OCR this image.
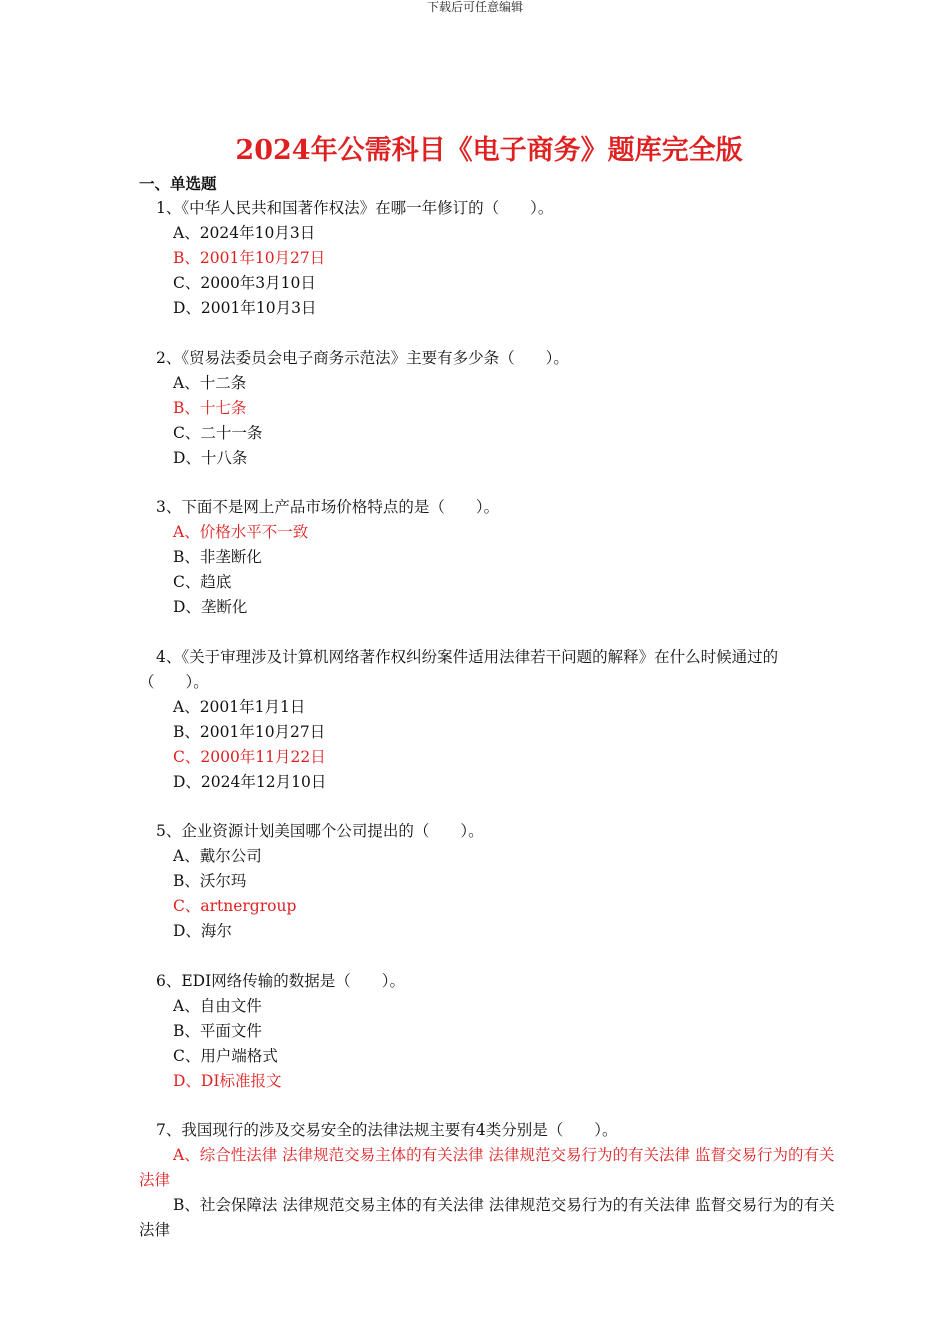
下载后可任意编辑
2024年公需科目《电子商务》题库完全版
一、单选题
1、《中华人民共和国著作权法》在哪一年修订的（　　）。
A、2024年10月3日
B、2001年10月27日
C、2000年3月10日
D、2001年10月3日
2、《贸易法委员会电子商务示范法》主要有多少条（　　）。
A、十二条
B、十七条
C、二十一条
D、十八条
3、下面不是网上产品市场价格特点的是（　　）。
A、价格水平不一致
B、非垄断化
C、趋底
D、垄断化
4、《关于审理涉及计算机网络著作权纠纷案件适用法律若干问题的解释》在什么时候通过的（　　）。
A、2001年1月1日
B、2001年10月27日
C、2000年11月22日
D、2024年12月10日
5、企业资源计划美国哪个公司提出的（　　）。
A、戴尔公司
B、沃尔玛
C、artnergroup
D、海尔
6、EDI网络传输的数据是（　　）。
A、自由文件
B、平面文件
C、用户端格式
D、DI标准报文
7、我国现行的涉及交易安全的法律法规主要有4类分别是（　　）。
A、综合性法律 法律规范交易主体的有关法律 法律规范交易行为的有关法律 监督交易行为的有关法律
B、社会保障法 法律规范交易主体的有关法律 法律规范交易行为的有关法律 监督交易行为的有关法律
